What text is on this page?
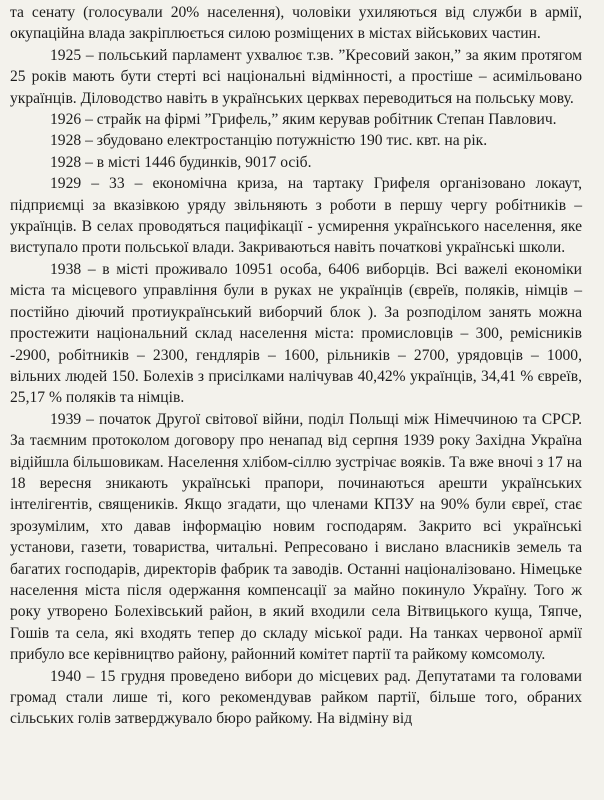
та сенату (голосували 20% населення), чоловіки ухиляються від служби в армії, окупаційна влада закріплюється силою розміщених в містах військових частин.

1925 – польський парламент ухвалює т.зв. ”Кресовий закон,” за яким протягом 25 років мають бути стерті всі національні відмінності, а простіше – асимільовано українців. Діловодство навіть в українських церквах переводиться на польську мову.

1926 – страйк на фірмі ”Грифель,” яким керував робітник Степан Павлович.

1928 – збудовано електростанцію потужністю 190 тис. квт. на рік.

1928 – в місті 1446 будинків, 9017 осіб.

1929 – 33 – економічна криза, на тартаку Грифеля організовано локаут, підприємці за вказівкою уряду звільняють з роботи в першу чергу робітників – українців. В селах проводяться пацифікації - усмирення українського населення, яке виступало проти польської влади. Закриваються навіть початкові українські школи.

1938 – в місті проживало 10951 особа, 6406 виборців. Всі важелі економіки міста та місцевого управління були в руках не українців (євреїв, поляків, німців – постійно діючий протиукраїнський виборчий блок ). За розподілом занять можна простежити національний склад населення міста: промисловців – 300, ремісників -2900, робітників – 2300, гендлярів – 1600, рільників – 2700, урядовців – 1000, вільних людей 150. Болехів з присілками налічував 40,42% українців, 34,41 % євреїв, 25,17 % поляків та німців.

1939 – початок Другої світової війни, поділ Польщі між Німеччиною та СРСР. За таємним протоколом договору про ненапад від серпня 1939 року Західна Україна відійшла більшовикам. Населення хлібом-сіллю зустрічає вояків. Та вже вночі з 17 на 18 вересня зникають українські прапори, починаються арешти українських інтелігентів, священиків. Якщо згадати, що членами КПЗУ на 90% були євреї, стає зрозумілим, хто давав інформацію новим господарям. Закрито всі українські установи, газети, товариства, читальні. Репресовано і вислано власників земель та багатих господарів, директорів фабрик та заводів. Останні націоналізовано. Німецьке населення міста після одержання компенсації за майно покинуло Україну. Того ж року утворено Болехівський район, в який входили села Вітвицького куща, Тяпче, Гошів та села, які входять тепер до складу міської ради. На танках червоної армії прибуло все керівництво району, районний комітет партії та райкому комсомолу.

1940 – 15 грудня проведено вибори до місцевих рад. Депутатами та головами громад стали лише ті, кого рекомендував райком партії, більше того, обраних сільських голів затверджувало бюро райкому. На відміну від
